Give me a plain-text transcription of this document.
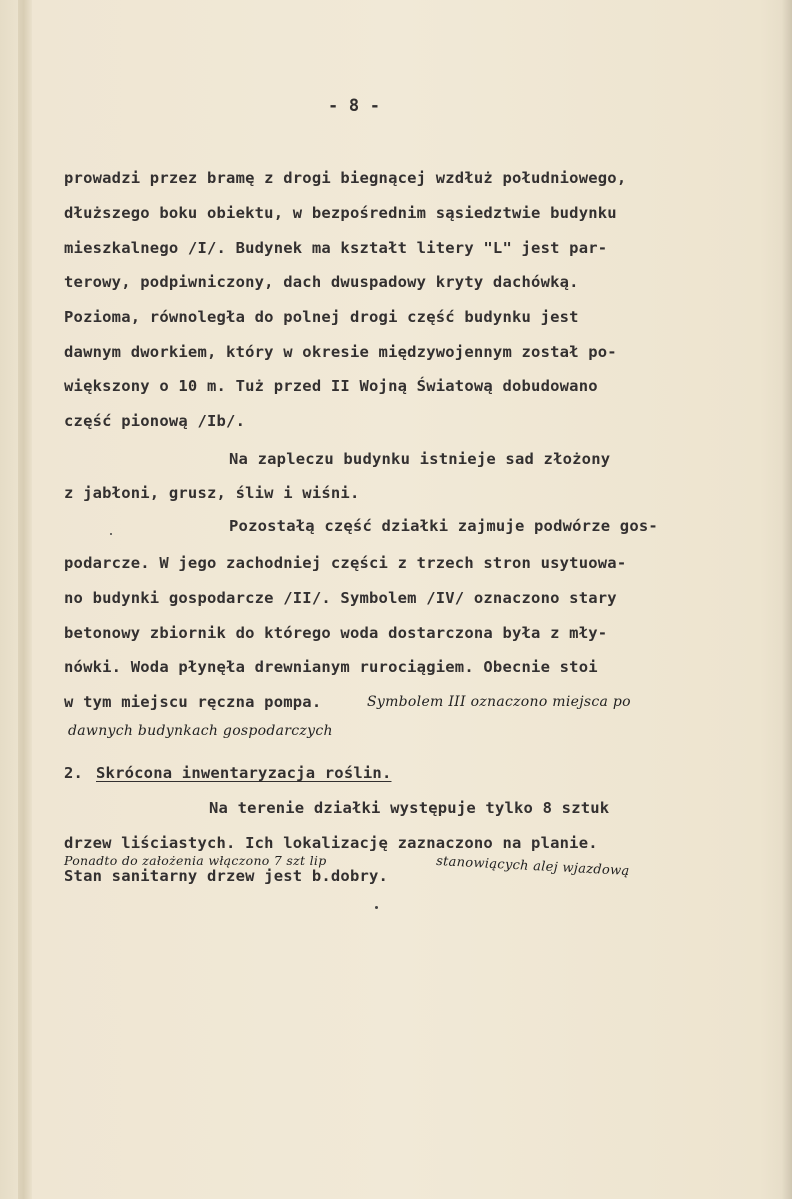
- 8 -
prowadzi przez bramę z drogi biegnącej wzdłuż południowego,
dłuższego boku obiektu, w bezpośrednim sąsiedztwie budynku
mieszkalnego /I/. Budynek ma kształt litery "L" jest par-
terowy, podpiwniczony, dach dwuspadowy kryty dachówką.
Pozioma, równoległa do polnej drogi część budynku jest
dawnym dworkiem, który w okresie międzywojennym został po-
większony o 10 m. Tuż przed II Wojną Światową dobudowano
część pionową /Ib/.
Na zapleczu budynku istnieje sad złożony
z jabłoni, grusz, śliw i wiśni.
Pozostałą część działki zajmuje podwórze gos-
podarcze. W jego zachodniej części z trzech stron usytuowa-
no budynki gospodarcze /II/. Symbolem /IV/ oznaczono stary
betonowy zbiornik do którego woda dostarczona była z mły-
nówki. Woda płynęła drewnianym rurociągiem. Obecnie stoi
w tym miejscu ręczna pompa.	Symbolem III oznaczono miejsca po
dawnych budynkach gospodarczych
2. Skrócona inwentaryzacja roślin.
Na terenie działki występuje tylko 8 sztuk
drzew liściastych. Ich lokalizację zaznaczono na planie.
Ponadto do założenia włączono 7 szt lip
Stan sanitarny drzew jest b.dobry.	stanowiących alej wjazdową
